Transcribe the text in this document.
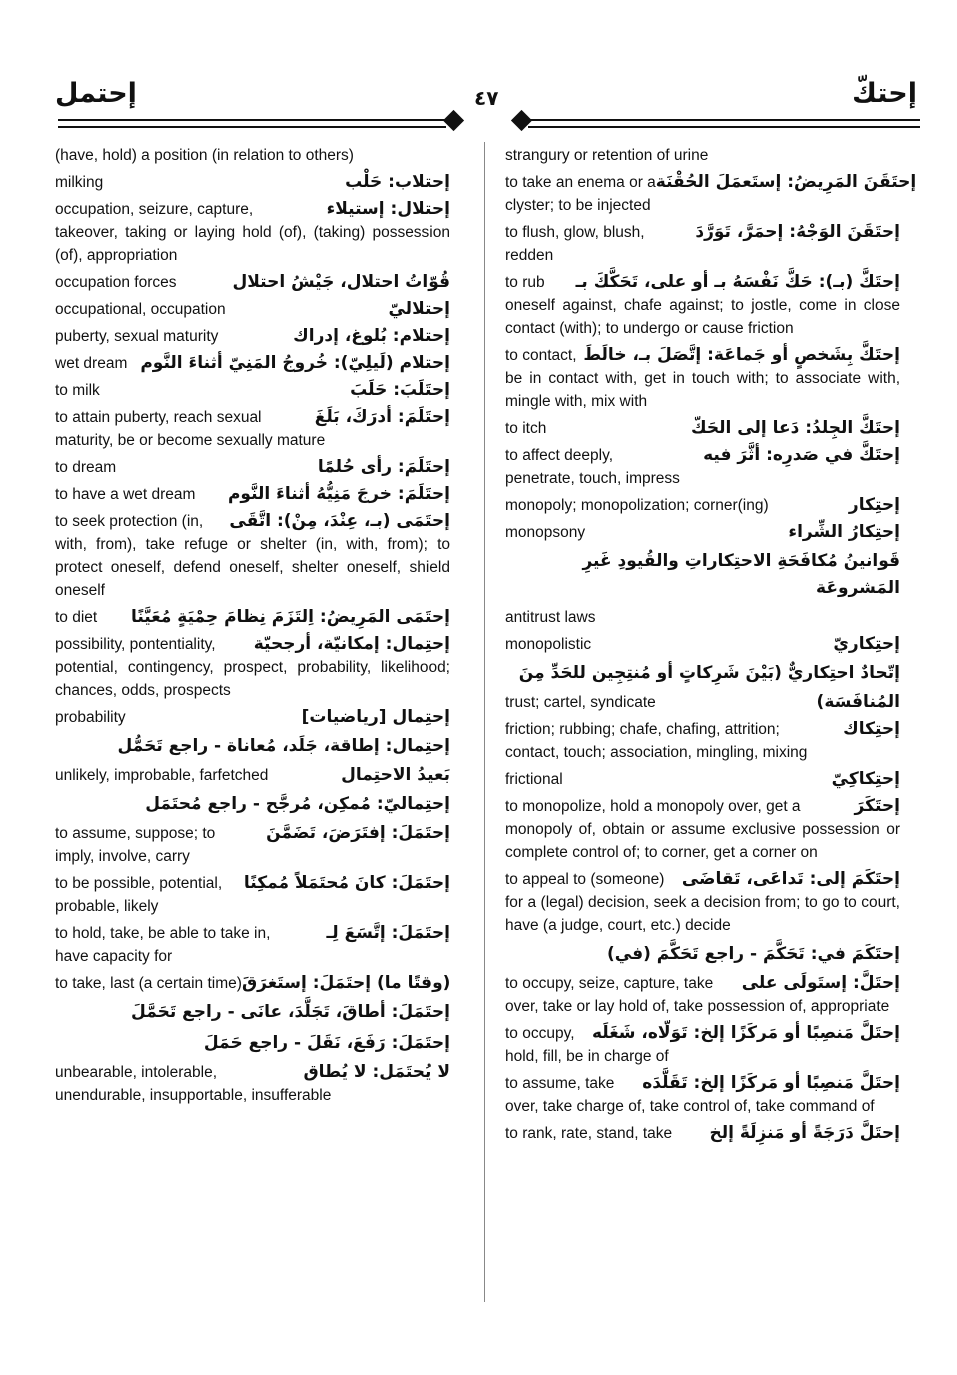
إحتمل	٤٧	إحتكّ
(have, hold) a position (in relation to others)
milking	إحتلاب: حَلْب
occupation, seizure, capture,	إحتلال: إستيلاء
takeover, taking or laying hold (of), (taking) possession (of), appropriation
occupation forces	قُوّاتُ احتلال، جَيْشُ احتلال
occupational, occupation	إحتلاليّ
puberty, sexual maturity	إحتلام: بُلوغ، إدراك
wet dream إحتلام (لَيلِيّ): خُروجُ المَنِيّ أثناءَ النَّوم
to milk	إحتَلَبَ: حَلَبَ
to attain puberty, reach sexual	إحتَلَمَ: أدرَكَ، بَلَغَ
maturity, be or become sexually mature
to dream	إحتَلَمَ: رأى حُلمًا
to have a wet dream إحتَلَمَ: خرجَ مَنِيُّهُ أثناءَ النَّوم
to seek protection (in, إحتَمَى (بـ، عِنْدَ، مِنْ): اتَّقَى
with, from), take refuge or shelter (in, with, from); to protect oneself, defend oneself, shelter oneself, shield oneself
to diet إحتَمَى المَرِيضُ: اِلتَزَمَ نِظامَ حِمْيَةٍ مُعَيَّنًا
possibility, pontentiality, إحتِمال: إمكانيّة، أرجحيّة
potential, contingency, prospect, probability, likelihood; chances, odds, prospects
probability	إحتِمال [رياضيات]
إحتِمال: إطاقة، جَلَد، مُعاناة - راجع تَحَمُّل
unlikely, improbable, farfetched	بَعيدُ الاحتِمال
إحتِماليّ: مُمكِن، مُرجَّح - راجع مُحتَمَل
to assume, suppose; to	إحتَمَلَ: إفتَرَضَ، تَضَمَّنَ
imply, involve, carry
to be possible, potential, إحتَمَلَ: كانَ مُحتَمَلاً مُمكِنًا
probable, likely
to hold, take, be able to take in,	إحتَمَلَ: إتَّسَعَ لِـ
have capacity for
to take, last (a certain time) (وقتًا ما) إحتَمَلَ: إستَغرَقَ
إحتَمَلَ: أطاقَ، تَجَلَّدَ، عانَى - راجع تَحَمَّلَ
إحتَمَلَ: رَفَعَ، نَقَلَ - راجع حَمَلَ
unbearable, intolerable,	لا يُحتَمَل: لا يُطاق
unendurable, insupportable, insufferable
strangury or retention of urine
to take an enema or a إحتَقَنَ المَرِيضُ: إستَعمَلَ الحُقْنَة
clyster; to be injected
to flush, glow, blush,	إحتَقَنَ الوَجْهُ: إحمَرَّ، تَوَرَّدَ
redden
to rub إحتَكَّ (بـ): حَكَّ نَفْسَهُ بـ أو على، تَحَكَّكَ بـ
oneself against, chafe against; to jostle, come in close contact (with); to undergo or cause friction
to contact, إحتَكَّ بِشَخصٍ أو جَماعَة: إتَّصَلَ بـ، خالَطَ
be in contact with, get in touch with; to associate with, mingle with, mix with
to itch	إحتَكَّ الجِلدُ: دَعا إلى الحَكّ
to affect deeply,	إحتَكَّ في صَدرِه: أثَّرَ فيه
penetrate, touch, impress
monopoly; monopolization; corner(ing)	إحتِكار
monopsony	إحتِكارُ الشِّراء
قَوانينُ مُكافَحَةِ الاحتِكاراتِ والقُيودِ غَيرِ المَشروعَة
antitrust laws
monopolistic	إحتِكاريّ
إتّحادٌ احتِكاريٌّ (بَيْنَ شَرِكاتٍ أو مُنتِجِين للحَدِّ مِنَ
trust; cartel, syndicate	المُنافَسَة)
friction; rubbing; chafe, chafing, attrition;	إحتِكاك
contact, touch; association, mingling, mixing
frictional	إحتِكاكِيّ
to monopolize, hold a monopoly over, get a	إحتَكَرَ
monopoly of, obtain or assume exclusive possession or complete control of; to corner, get a corner on
to appeal to (someone) إحتَكَمَ إلى: تَداعَى، تَقاضَى
for a (legal) decision, seek a decision from; to go to court, have (a judge, court, etc.) decide
إحتَكَمَ في: تَحَكَّمَ - راجع تَحَكَّمَ (في)
to occupy, seize, capture, take إحتَلَّ: إستَولَى على
over, take or lay hold of, take possession of, appropriate
to occupy, إحتَلَّ مَنصِبًا أو مَركَزًا إلخ: تَوَلّاه، شَغَلَه
hold, fill, be in charge of
to assume, take إحتَلَّ مَنصِبًا أو مَركَزًا إلخ: تَقَلَّدَه
over, take charge of, take control of, take command of
to rank, rate, stand, take إحتَلَّ دَرَجَةً أو مَنزِلَةً إلخ
